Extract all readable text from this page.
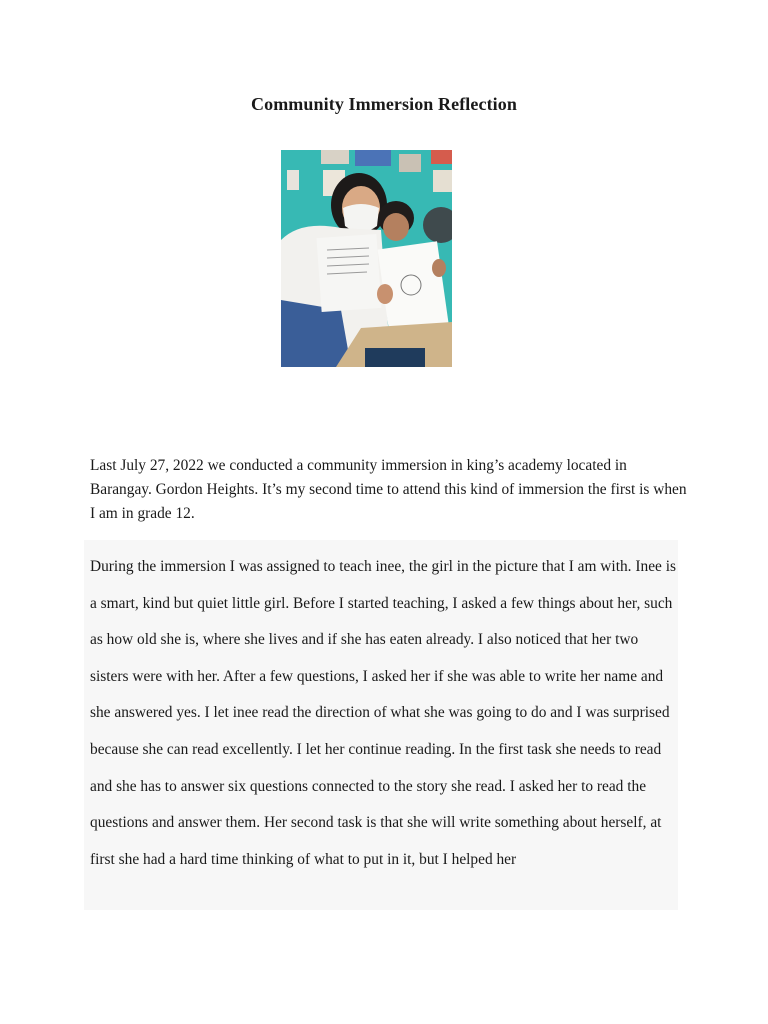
Community Immersion Reflection

Last July 27, 2022 we conducted a community immersion in king’s academy located in Barangay. Gordon Heights. It’s my second time to attend this kind of immersion the first is when I am in grade 12.

During the immersion I was assigned to teach inee, the girl in the picture that I am with. Inee is a smart, kind but quiet little girl. Before I started teaching, I asked a few things about her, such as how old she is, where she lives and if she has eaten already. I also noticed that her two sisters were with her. After a few questions, I asked her if she was able to write her name and she answered yes. I let inee read the direction of what she was going to do and I was surprised because she can read excellently. I let her continue reading. In the first task she needs to read and she has to answer six questions connected to the story she read. I asked her to read the questions and answer them. Her second task is that she will write something about herself, at first she had a hard time thinking of what to put in it, but I helped her
